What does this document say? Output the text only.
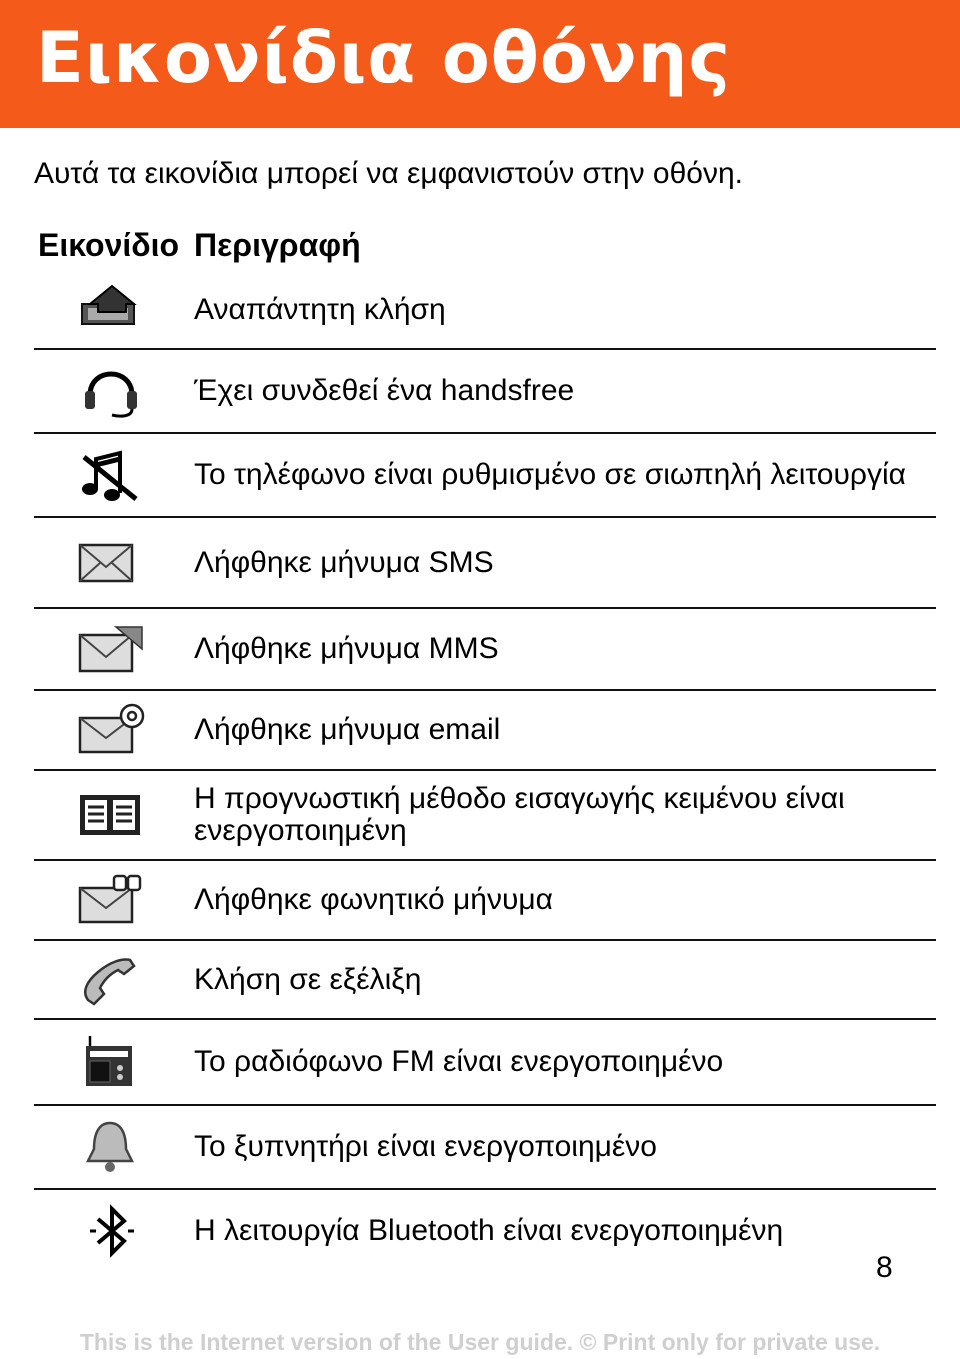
Εικονίδια οθόνης
Αυτά τα εικονίδια μπορεί να εμφανιστούν στην οθόνη.
Εικονίδιο Περιγραφή
Αναπάντητη κλήση
Έχει συνδεθεί ένα handsfree
Το τηλέφωνο είναι ρυθμισμένο σε σιωπηλή λειτουργία
Λήφθηκε μήνυμα SMS
Λήφθηκε μήνυμα MMS
Λήφθηκε μήνυμα email
Η προγνωστική μέθοδο εισαγωγής κειμένου είναι ενεργοποιημένη
Λήφθηκε φωνητικό μήνυμα
Κλήση σε εξέλιξη
Το ραδιόφωνο FM είναι ενεργοποιημένο
Το ξυπνητήρι είναι ενεργοποιημένο
Η λειτουργία Bluetooth είναι ενεργοποιημένη
8
This is the Internet version of the User guide. © Print only for private use.
